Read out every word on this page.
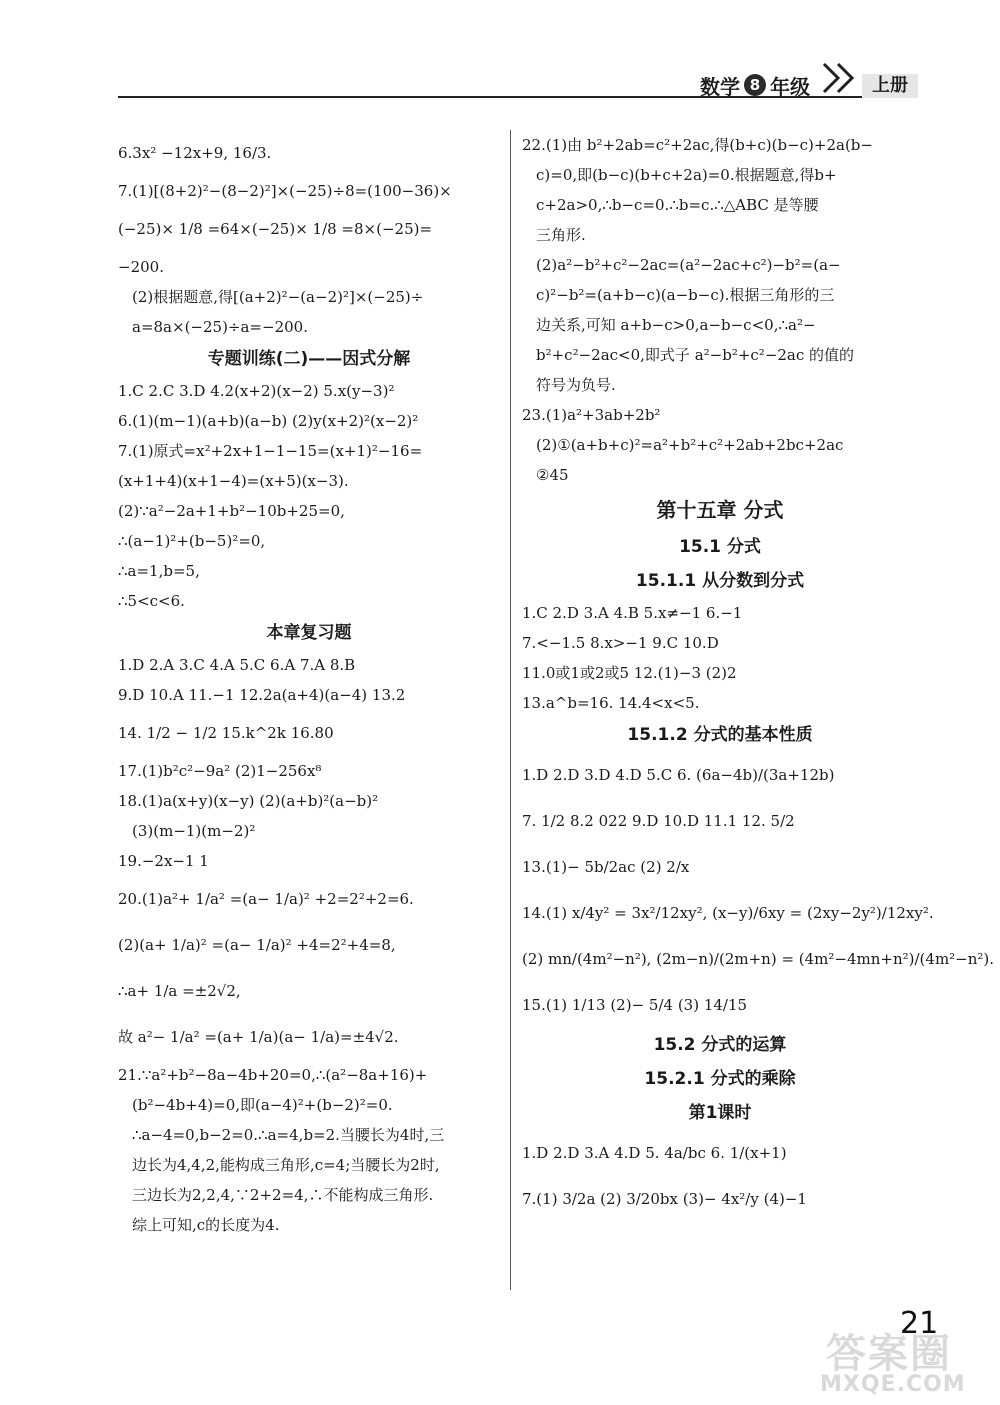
数学 8 年级	上册
6.3x² −12x+9, 16/3.
7.(1)[(8+2)²−(8−2)²]×(−25)÷8=(100−36)×
(−25)× 1/8 =64×(−25)× 1/8 =8×(−25)=
−200.
(2)根据题意,得[(a+2)²−(a−2)²]×(−25)÷
a=8a×(−25)÷a=−200.
专题训练(二)——因式分解
1.C 2.C 3.D 4.2(x+2)(x−2) 5.x(y−3)²
6.(1)(m−1)(a+b)(a−b) (2)y(x+2)²(x−2)²
7.(1)原式=x²+2x+1−1−15=(x+1)²−16=
(x+1+4)(x+1−4)=(x+5)(x−3).
(2)∵a²−2a+1+b²−10b+25=0,
∴(a−1)²+(b−5)²=0,
∴a=1,b=5,
∴5<c<6.
本章复习题
1.D 2.A 3.C 4.A 5.C 6.A 7.A 8.B
9.D 10.A 11.−1 12.2a(a+4)(a−4) 13.2
14. 1/2 − 1/2 15.k^2k 16.80
17.(1)b²c²−9a² (2)1−256x⁸
18.(1)a(x+y)(x−y) (2)(a+b)²(a−b)²
(3)(m−1)(m−2)²
19.−2x−1 1
20.(1)a²+ 1/a² =(a− 1/a)² +2=2²+2=6.
(2)(a+ 1/a)² =(a− 1/a)² +4=2²+4=8,
∴a+ 1/a =±2√2,
故 a²− 1/a² =(a+ 1/a)(a− 1/a)=±4√2.
21.∵a²+b²−8a−4b+20=0,∴(a²−8a+16)+
(b²−4b+4)=0,即(a−4)²+(b−2)²=0.
∴a−4=0,b−2=0.∴a=4,b=2.当腰长为4时,三
边长为4,4,2,能构成三角形,c=4;当腰长为2时,
三边长为2,2,4,∵2+2=4,∴不能构成三角形.
综上可知,c的长度为4.
22.(1)由 b²+2ab=c²+2ac,得(b+c)(b−c)+2a(b−
c)=0,即(b−c)(b+c+2a)=0.根据题意,得b+
c+2a>0,∴b−c=0.∴b=c.∴△ABC 是等腰
三角形.
(2)a²−b²+c²−2ac=(a²−2ac+c²)−b²=(a−
c)²−b²=(a+b−c)(a−b−c).根据三角形的三
边关系,可知 a+b−c>0,a−b−c<0,∴a²−
b²+c²−2ac<0,即式子 a²−b²+c²−2ac 的值的
符号为负号.
23.(1)a²+3ab+2b²
(2)①(a+b+c)²=a²+b²+c²+2ab+2bc+2ac
②45
第十五章 分式
15.1 分式
15.1.1 从分数到分式
1.C 2.D 3.A 4.B 5.x≠−1 6.−1
7.<−1.5 8.x>−1 9.C 10.D
11.0或1或2或5 12.(1)−3 (2)2
13.a^b=16. 14.4<x<5.
15.1.2 分式的基本性质
1.D 2.D 3.D 4.D 5.C 6. (6a−4b)/(3a+12b)
7. 1/2 8.2 022 9.D 10.D 11.1 12. 5/2
13.(1)− 5b/2ac (2) 2/x
14.(1) x/4y² = 3x²/12xy², (x−y)/6xy = (2xy−2y²)/12xy².
(2) mn/(4m²−n²), (2m−n)/(2m+n) = (4m²−4mn+n²)/(4m²−n²).
15.(1) 1/13 (2)− 5/4 (3) 14/15
15.2 分式的运算
15.2.1 分式的乘除
第1课时
1.D 2.D 3.A 4.D 5. 4a/bc 6. 1/(x+1)
7.(1) 3/2a (2) 3/20bx (3)− 4x²/y (4)−1
21
答案圈
MXQE.COM
